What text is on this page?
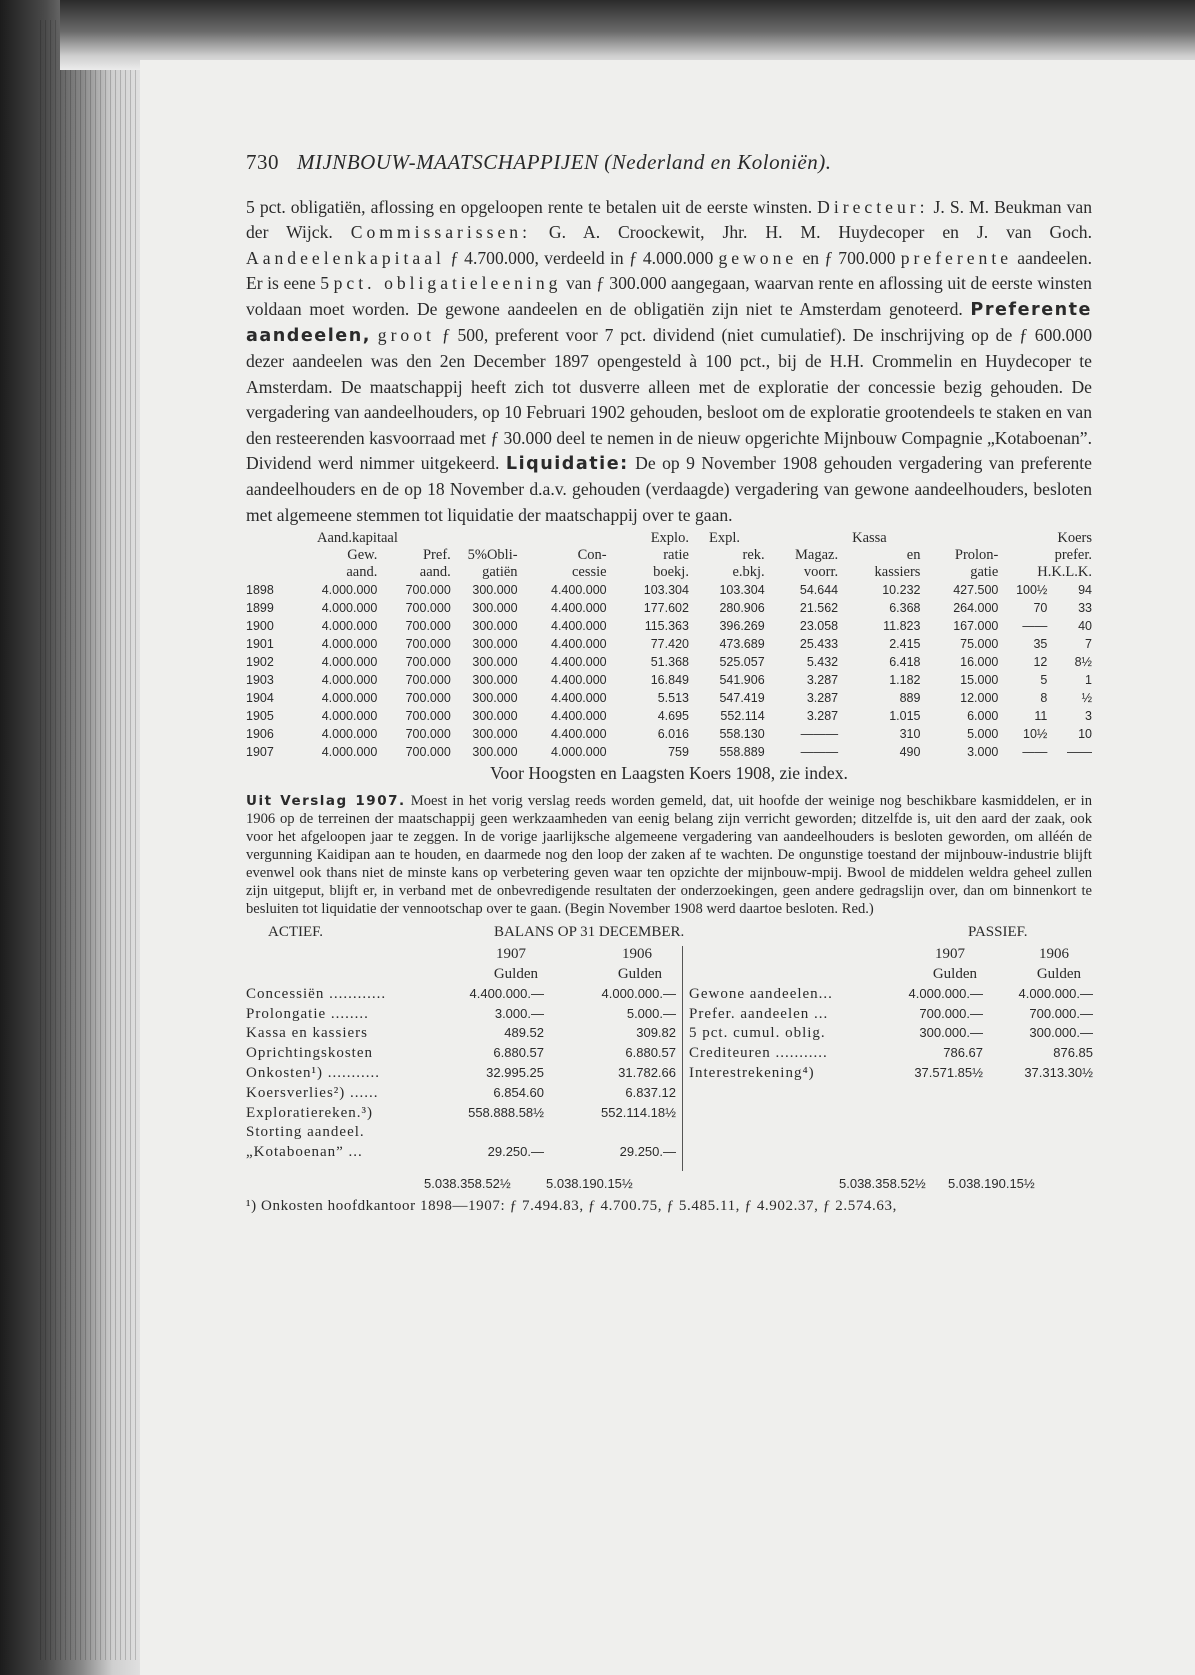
730 MIJNBOUW-MAATSCHAPPIJEN (Nederland en Koloniën).
5 pct. obligatiën, aflossing en opgeloopen rente te betalen uit de eerste winsten. Directeur: J. S. M. Beukman van der Wijck. Commissarissen: G. A. Croockewit, Jhr. H. M. Huydecoper en J. van Goch. Aandeelenkapitaal ƒ 4.700.000, verdeeld in ƒ 4.000.000 gewone en ƒ 700.000 preferente aandeelen. Er is eene 5 pct. obligatieleening van ƒ 300.000 aangegaan, waarvan rente en aflossing uit de eerste winsten voldaan moet worden. De gewone aandeelen en de obligatiën zijn niet te Amsterdam genoteerd. Preferente aandeelen, groot ƒ 500, preferent voor 7 pct. dividend (niet cumulatief). De inschrijving op de ƒ 600.000 dezer aandeelen was den 2en December 1897 opengesteld à 100 pct., bij de H.H. Crommelin en Huydecoper te Amsterdam. De maatschappij heeft zich tot dusverre alleen met de exploratie der concessie bezig gehouden. De vergadering van aandeelhouders, op 10 Februari 1902 gehouden, besloot om de exploratie grootendeels te staken en van den resteerenden kasvoorraad met ƒ 30.000 deel te nemen in de nieuw opgerichte Mijnbouw Compagnie „Kotaboenan”. Dividend werd nimmer uitgekeerd. Liquidatie: De op 9 November 1908 gehouden vergadering van preferente aandeelhouders en de op 18 November d.a.v. gehouden (verdaagde) vergadering van gewone aandeelhouders, besloten met algemeene stemmen tot liquidatie der maatschappij over te gaan.
	Aand.kapitaal				Explo.	Expl.		Kassa		Koers	
	Gew.	Pref.	5%Obli-	Con-	ratie	rek.	Magaz.	en	Prolon-	prefer.	
	aand.	aand.	gatiën	cessie	boekj.	e.bkj.	voorr.	kassiers	gatie	H.K.L.K.	
1898	4.000.000	700.000	300.000	4.400.000	103.304	103.304	54.644	10.232	427.500	100½	94
1899	4.000.000	700.000	300.000	4.400.000	177.602	280.906	21.562	6.368	264.000	70	33
1900	4.000.000	700.000	300.000	4.400.000	115.363	396.269	23.058	11.823	167.000	——	40
1901	4.000.000	700.000	300.000	4.400.000	77.420	473.689	25.433	2.415	75.000	35	7
1902	4.000.000	700.000	300.000	4.400.000	51.368	525.057	5.432	6.418	16.000	12	8½
1903	4.000.000	700.000	300.000	4.400.000	16.849	541.906	3.287	1.182	15.000	5	1
1904	4.000.000	700.000	300.000	4.400.000	5.513	547.419	3.287	889	12.000	8	½
1905	4.000.000	700.000	300.000	4.400.000	4.695	552.114	3.287	1.015	6.000	11	3
1906	4.000.000	700.000	300.000	4.400.000	6.016	558.130	———	310	5.000	10½	10
1907	4.000.000	700.000	300.000	4.000.000	759	558.889	———	490	3.000	——	——
Voor Hoogsten en Laagsten Koers 1908, zie index.
Uit Verslag 1907. Moest in het vorig verslag reeds worden gemeld, dat, uit hoofde der weinige nog beschikbare kasmiddelen, er in 1906 op de terreinen der maatschappij geen werkzaamheden van eenig belang zijn verricht geworden; ditzelfde is, uit den aard der zaak, ook voor het afgeloopen jaar te zeggen. In de vorige jaarlijksche algemeene vergadering van aandeelhouders is besloten geworden, om alléén de vergunning Kaidipan aan te houden, en daarmede nog den loop der zaken af te wachten. De ongunstige toestand der mijnbouw-industrie blijft evenwel ook thans niet de minste kans op verbetering geven waar ten opzichte der mijnbouw-mpij. Bwool de middelen weldra geheel zullen zijn uitgeput, blijft er, in verband met de onbevredigende resultaten der onderzoekingen, geen andere gedragslijn over, dan om binnenkort te besluiten tot liquidatie der vennootschap over te gaan. (Begin November 1908 werd daartoe besloten. Red.)
ACTIEF.	BALANS OP 31 DECEMBER.	PASSIEF.
1907	1906
Gulden	Gulden
Concessiën ............	4.400.000.—	4.000.000.—
Prolongatie ........	3.000.—	5.000.—
Kassa en kassiers	489.52	309.82
Oprichtingskosten	6.880.57	6.880.57
Onkosten¹) ...........	32.995.25	31.782.66
Koersverlies²) ......	6.854.60	6.837.12
Exploratiereken.³)	558.888.58½	552.114.18½
Storting aandeel.
„Kotaboenan” ...	29.250.—	29.250.—
1907	1906
Gulden	Gulden
Gewone aandeelen...	4.000.000.—	4.000.000.—
Prefer. aandeelen ...	700.000.—	700.000.—
5 pct. cumul. oblig.	300.000.—	300.000.—
Crediteuren ...........	786.67	876.85
Interestrekening⁴)	37.571.85½	37.313.30½
5.038.358.52½	5.038.190.15½	5.038.358.52½ 5.038.190.15½
¹) Onkosten hoofdkantoor 1898—1907: ƒ 7.494.83, ƒ 4.700.75, ƒ 5.485.11, ƒ 4.902.37, ƒ 2.574.63,
